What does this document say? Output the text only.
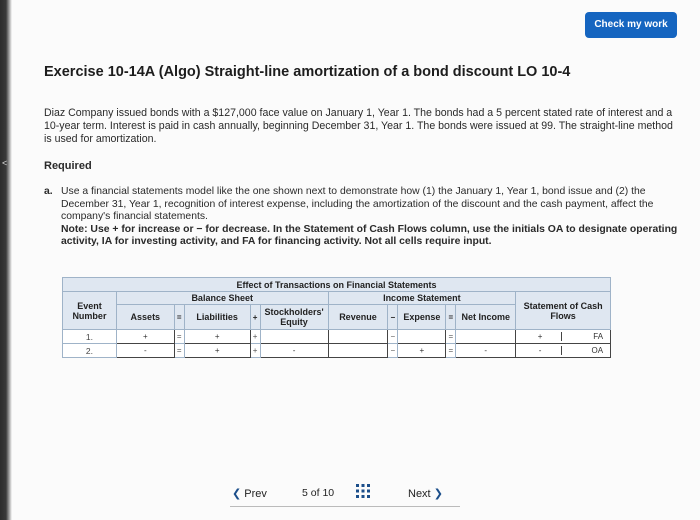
<
Check my work
Exercise 10-14A (Algo) Straight-line amortization of a bond discount LO 10-4
Diaz Company issued bonds with a $127,000 face value on January 1, Year 1. The bonds had a 5 percent stated rate of interest and a 10-year term. Interest is paid in cash annually, beginning December 31, Year 1. The bonds were issued at 99. The straight-line method is used for amortization.
Required
a. Use a financial statements model like the one shown next to demonstrate how (1) the January 1, Year 1, bond issue and (2) the December 31, Year 1, recognition of interest expense, including the amortization of the discount and the cash payment, affect the company's financial statements.
Note: Use + for increase or − for decrease. In the Statement of Cash Flows column, use the initials OA to designate operating activity, IA for investing activity, and FA for financing activity. Not all cells require input.
Effect of Transactions on Financial Statements											
Event Number	Balance Sheet					Income Statement					Statement of Cash Flows
	Assets	=	Liabilities	+	Stockholders' Equity	Revenue	−	Expense	=	Net Income	
1.	+	=	+	+			−		=		+ FA
2.	-	=	+	+	-		−	+	=	-	- OA
❮ Prev	5 of 10	Next ❯
